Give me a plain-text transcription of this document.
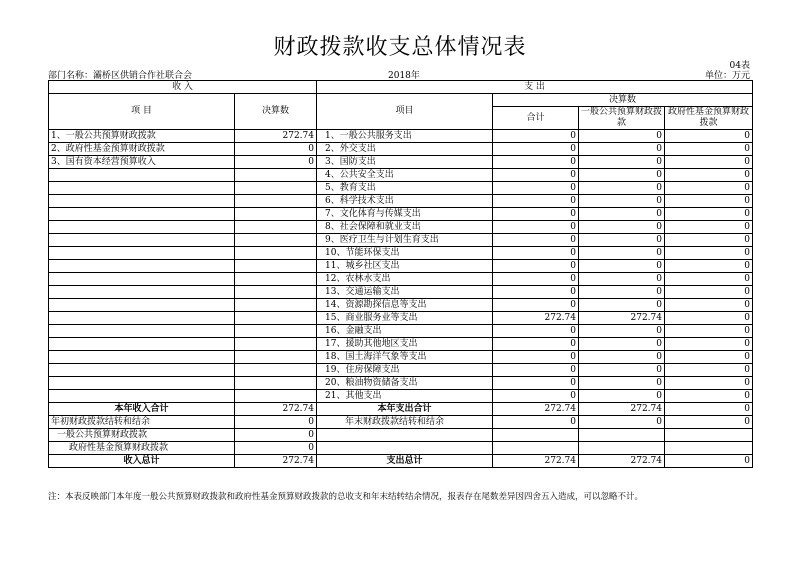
财政拨款收支总体情况表
04表
部门名称：灞桥区供销合作社联合会	2018年	单位：万元
收 入		支 出			
项 目	决算数	项目	决算数		
			合计	一般公共预算财政拨款	政府性基金预算财政拨款

1、一般公共预算财政拨款	272.74	1、一般公共服务支出	0	0	0
2、政府性基金预算财政拨款	0	2、外交支出	0	0	0
3、国有资本经营预算收入	0	3、国防支出	0	0	0
		4、公共安全支出	0	0	0
		5、教育支出	0	0	0
		6、科学技术支出	0	0	0
		7、文化体育与传媒支出	0	0	0
		8、社会保障和就业支出	0	0	0
		9、医疗卫生与计划生育支出	0	0	0
		10、节能环保支出	0	0	0
		11、城乡社区支出	0	0	0
		12、农林水支出	0	0	0
		13、交通运输支出	0	0	0
		14、资源勘探信息等支出	0	0	0
		15、商业服务业等支出	272.74	272.74	0
		16、金融支出	0	0	0
		17、援助其他地区支出	0	0	0
		18、国土海洋气象等支出	0	0	0
		19、住房保障支出	0	0	0
		20、粮油物资储备支出	0	0	0
		21、其他支出	0	0	0
本年收入合计	272.74	本年支出合计	272.74	272.74	0
年初财政拨款结转和结余	0	年末财政拨款结转和结余	0	0	0
一般公共预算财政拨款	0				
政府性基金预算财政拨款	0				
收入总计	272.74	支出总计	272.74	272.74	0
注：本表反映部门本年度一般公共预算财政拨款和政府性基金预算财政拨款的总收支和年末结转结余情况，报表存在尾数差异因四舍五入造成，可以忽略不计。
